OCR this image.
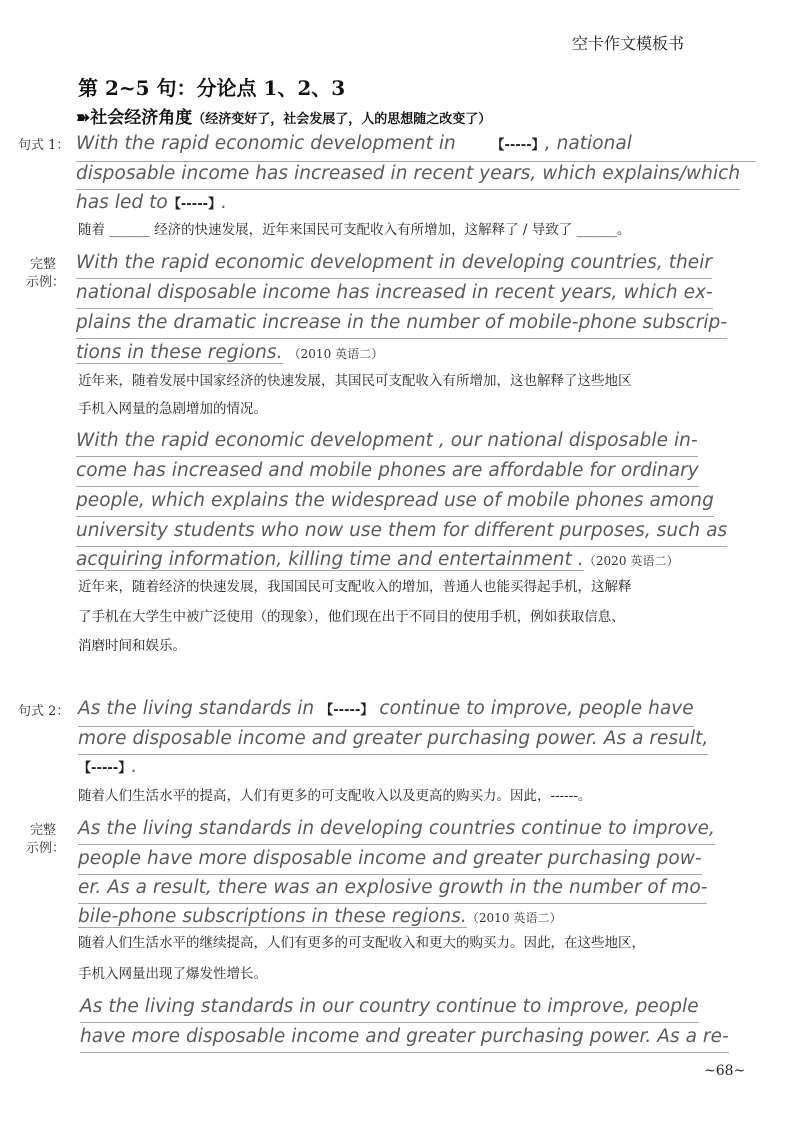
空卡作文模板书
第 2~5 句：分论点 1、2、3
➽社会经济角度（经济变好了，社会发展了，人的思想随之改变了）
句式 1： With the rapid economic development in	【-----】, national
disposable income has increased in recent years, which explains/which
has led to【-----】.
随着 ______ 经济的快速发展，近年来国民可支配收入有所增加，这解释了 / 导致了 ______。
完整
示例：
With the rapid economic development in developing countries, their
national disposable income has increased in recent years, which ex-
plains the dramatic increase in the number of mobile-phone subscrip-
tions in these regions. （2010 英语二）
近年来，随着发展中国家经济的快速发展，其国民可支配收入有所增加，这也解释了这些地区
手机入网量的急剧增加的情况。
With the rapid economic development , our national disposable in-
come has increased and mobile phones are affordable for ordinary
people, which explains the widespread use of mobile phones among
university students who now use them for different purposes, such as
acquiring information, killing time and entertainment .（2020 英语二）
近年来，随着经济的快速发展，我国国民可支配收入的增加，普通人也能买得起手机，这解释
了手机在大学生中被广泛使用（的现象），他们现在出于不同目的使用手机，例如获取信息、
消磨时间和娱乐。
句式 2： As the living standards in 【-----】 continue to improve, people have
more disposable income and greater purchasing power. As a result,
【-----】.
随着人们生活水平的提高，人们有更多的可支配收入以及更高的购买力。因此，------。
完整
示例：
As the living standards in developing countries continue to improve,
people have more disposable income and greater purchasing pow-
er. As a result, there was an explosive growth in the number of mo-
bile-phone subscriptions in these regions.（2010 英语二）
随着人们生活水平的继续提高，人们有更多的可支配收入和更大的购买力。因此，在这些地区，
手机入网量出现了爆发性增长。
As the living standards in our country continue to improve, people
have more disposable income and greater purchasing power. As a re-
~68~
